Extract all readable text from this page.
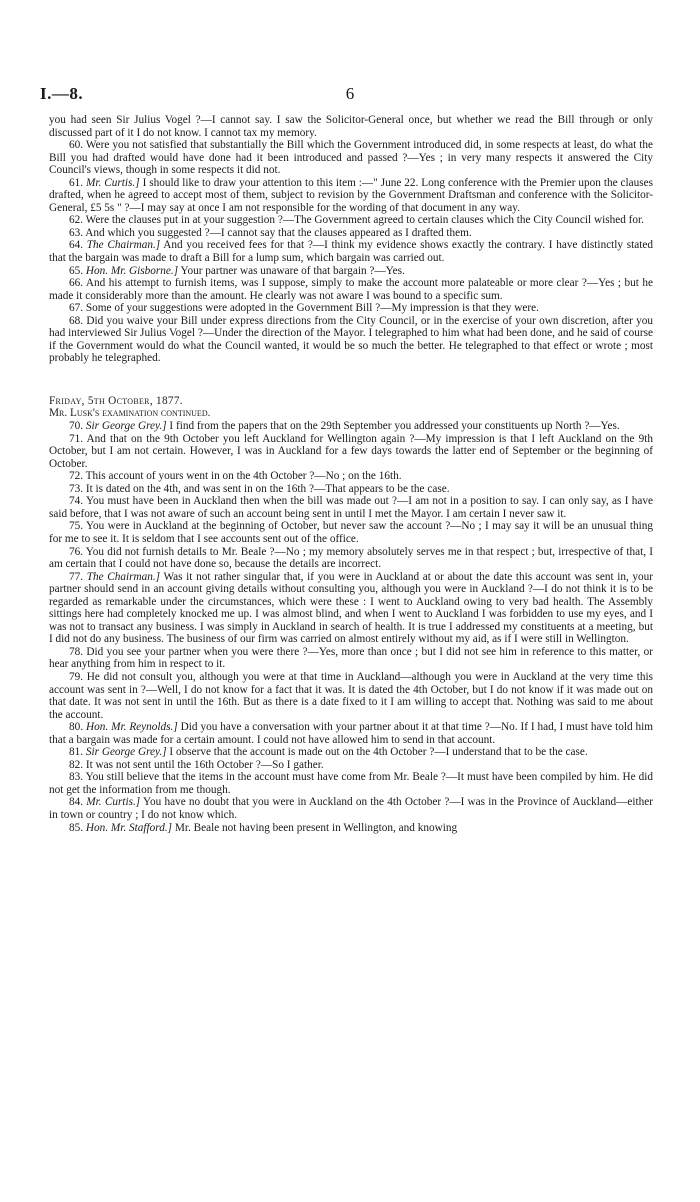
I.—8.	6

you had seen Sir Julius Vogel ?—I cannot say. I saw the Solicitor-General once, but whether we read the Bill through or only discussed part of it I do not know. I cannot tax my memory.

60. Were you not satisfied that substantially the Bill which the Government introduced did, in some respects at least, do what the Bill you had drafted would have done had it been introduced and passed ?—Yes ; in very many respects it answered the City Council's views, though in some respects it did not.

61. Mr. Curtis.] I should like to draw your attention to this item :—" June 22. Long conference with the Premier upon the clauses drafted, when he agreed to accept most of them, subject to revision by the Government Draftsman and conference with the Solicitor-General, £5 5s " ?—I may say at once I am not responsible for the wording of that document in any way.

62. Were the clauses put in at your suggestion ?—The Government agreed to certain clauses which the City Council wished for.

63. And which you suggested ?—I cannot say that the clauses appeared as I drafted them.

64. The Chairman.] And you received fees for that ?—I think my evidence shows exactly the contrary. I have distinctly stated that the bargain was made to draft a Bill for a lump sum, which bargain was carried out.

65. Hon. Mr. Gisborne.] Your partner was unaware of that bargain ?—Yes.

66. And his attempt to furnish items, was I suppose, simply to make the account more palateable or more clear ?—Yes ; but he made it considerably more than the amount. He clearly was not aware I was bound to a specific sum.

67. Some of your suggestions were adopted in the Government Bill ?—My impression is that they were.

68. Did you waive your Bill under express directions from the City Council, or in the exercise of your own discretion, after you had interviewed Sir Julius Vogel ?—Under the direction of the Mayor. I telegraphed to him what had been done, and he said of course if the Government would do what the Council wanted, it would be so much the better. He telegraphed to that effect or wrote ; most probably he telegraphed.

Friday, 5th October, 1877.

Mr. Lusk's examination continued.

70. Sir George Grey.] I find from the papers that on the 29th September you addressed your constituents up North ?—Yes.

71. And that on the 9th October you left Auckland for Wellington again ?—My impression is that I left Auckland on the 9th October, but I am not certain. However, I was in Auckland for a few days towards the latter end of September or the beginning of October.

72. This account of yours went in on the 4th October ?—No ; on the 16th.

73. It is dated on the 4th, and was sent in on the 16th ?—That appears to be the case.

74. You must have been in Auckland then when the bill was made out ?—I am not in a position to say. I can only say, as I have said before, that I was not aware of such an account being sent in until I met the Mayor. I am certain I never saw it.

75. You were in Auckland at the beginning of October, but never saw the account ?—No ; I may say it will be an unusual thing for me to see it. It is seldom that I see accounts sent out of the office.

76. You did not furnish details to Mr. Beale ?—No ; my memory absolutely serves me in that respect ; but, irrespective of that, I am certain that I could not have done so, because the details are incorrect.

77. The Chairman.] Was it not rather singular that, if you were in Auckland at or about the date this account was sent in, your partner should send in an account giving details without consulting you, although you were in Auckland ?—I do not think it is to be regarded as remarkable under the circumstances, which were these : I went to Auckland owing to very bad health. The Assembly sittings here had completely knocked me up. I was almost blind, and when I went to Auckland I was forbidden to use my eyes, and I was not to transact any business. I was simply in Auckland in search of health. It is true I addressed my constituents at a meeting, but I did not do any business. The business of our firm was carried on almost entirely without my aid, as if I were still in Wellington.

78. Did you see your partner when you were there ?—Yes, more than once ; but I did not see him in reference to this matter, or hear anything from him in respect to it.

79. He did not consult you, although you were at that time in Auckland—although you were in Auckland at the very time this account was sent in ?—Well, I do not know for a fact that it was. It is dated the 4th October, but I do not know if it was made out on that date. It was not sent in until the 16th. But as there is a date fixed to it I am willing to accept that. Nothing was said to me about the account.

80. Hon. Mr. Reynolds.] Did you have a conversation with your partner about it at that time ?—No. If I had, I must have told him that a bargain was made for a certain amount. I could not have allowed him to send in that account.

81. Sir George Grey.] I observe that the account is made out on the 4th October ?—I understand that to be the case.

82. It was not sent until the 16th October ?—So I gather.

83. You still believe that the items in the account must have come from Mr. Beale ?—It must have been compiled by him. He did not get the information from me though.

84. Mr. Curtis.] You have no doubt that you were in Auckland on the 4th October ?—I was in the Province of Auckland—either in town or country ; I do not know which.

85. Hon. Mr. Stafford.] Mr. Beale not having been present in Wellington, and knowing
